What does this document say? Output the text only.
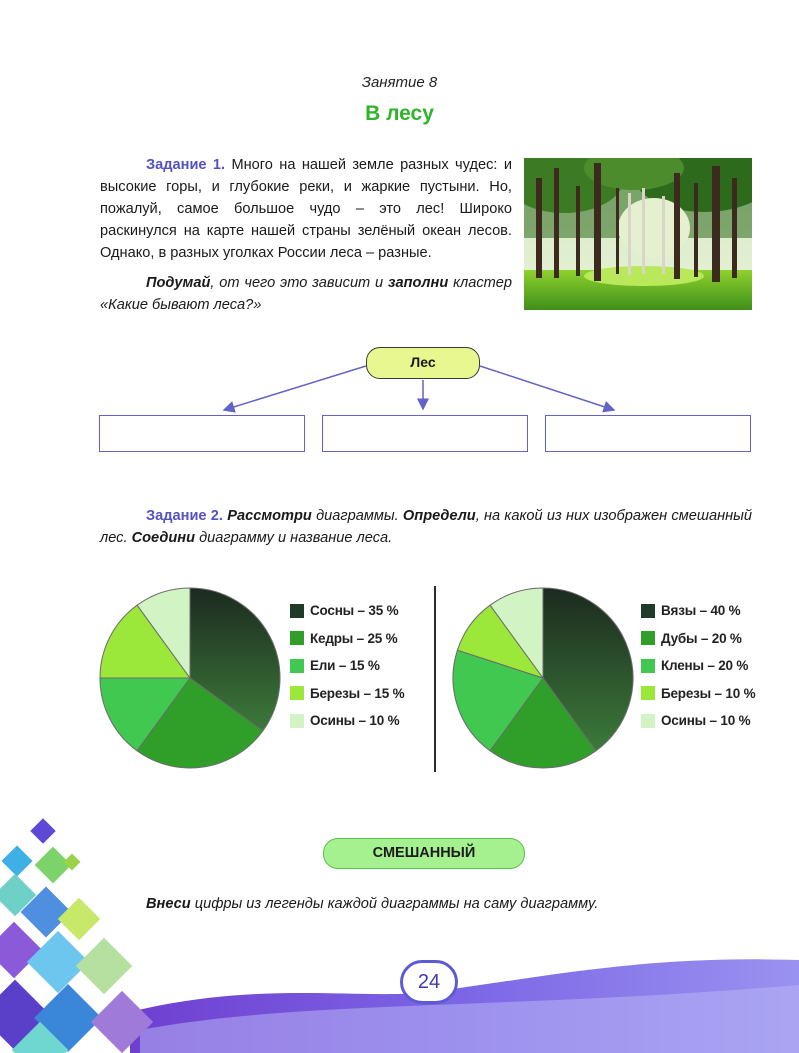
Занятие 8
В лесу

Задание 1. Много на нашей земле разных чудес: и высокие горы, и глубокие реки, и жаркие пустыни. Но, пожалуй, самое большое чудо – это лес! Широко раскинулся на карте нашей страны зелёный океан лесов. Однако, в разных уголках России леса – разные.

Подумай, от чего это зависит и заполни кластер «Какие бывают леса?»

Лес
Задание 2. Рассмотри диаграммы. Определи, на какой из них изображен смешанный лес. Соедини диаграмму и название леса.
Сосны – 35 %
Кедры – 25 %
Ели – 15 %
Березы – 15 %
Осины – 10 %
Вязы – 40 %
Дубы – 20 %
Клены – 20 %
Березы – 10 %
Осины – 10 %
СМЕШАННЫЙ
Внеси цифры из легенды каждой диаграммы на саму диаграмму.
24
